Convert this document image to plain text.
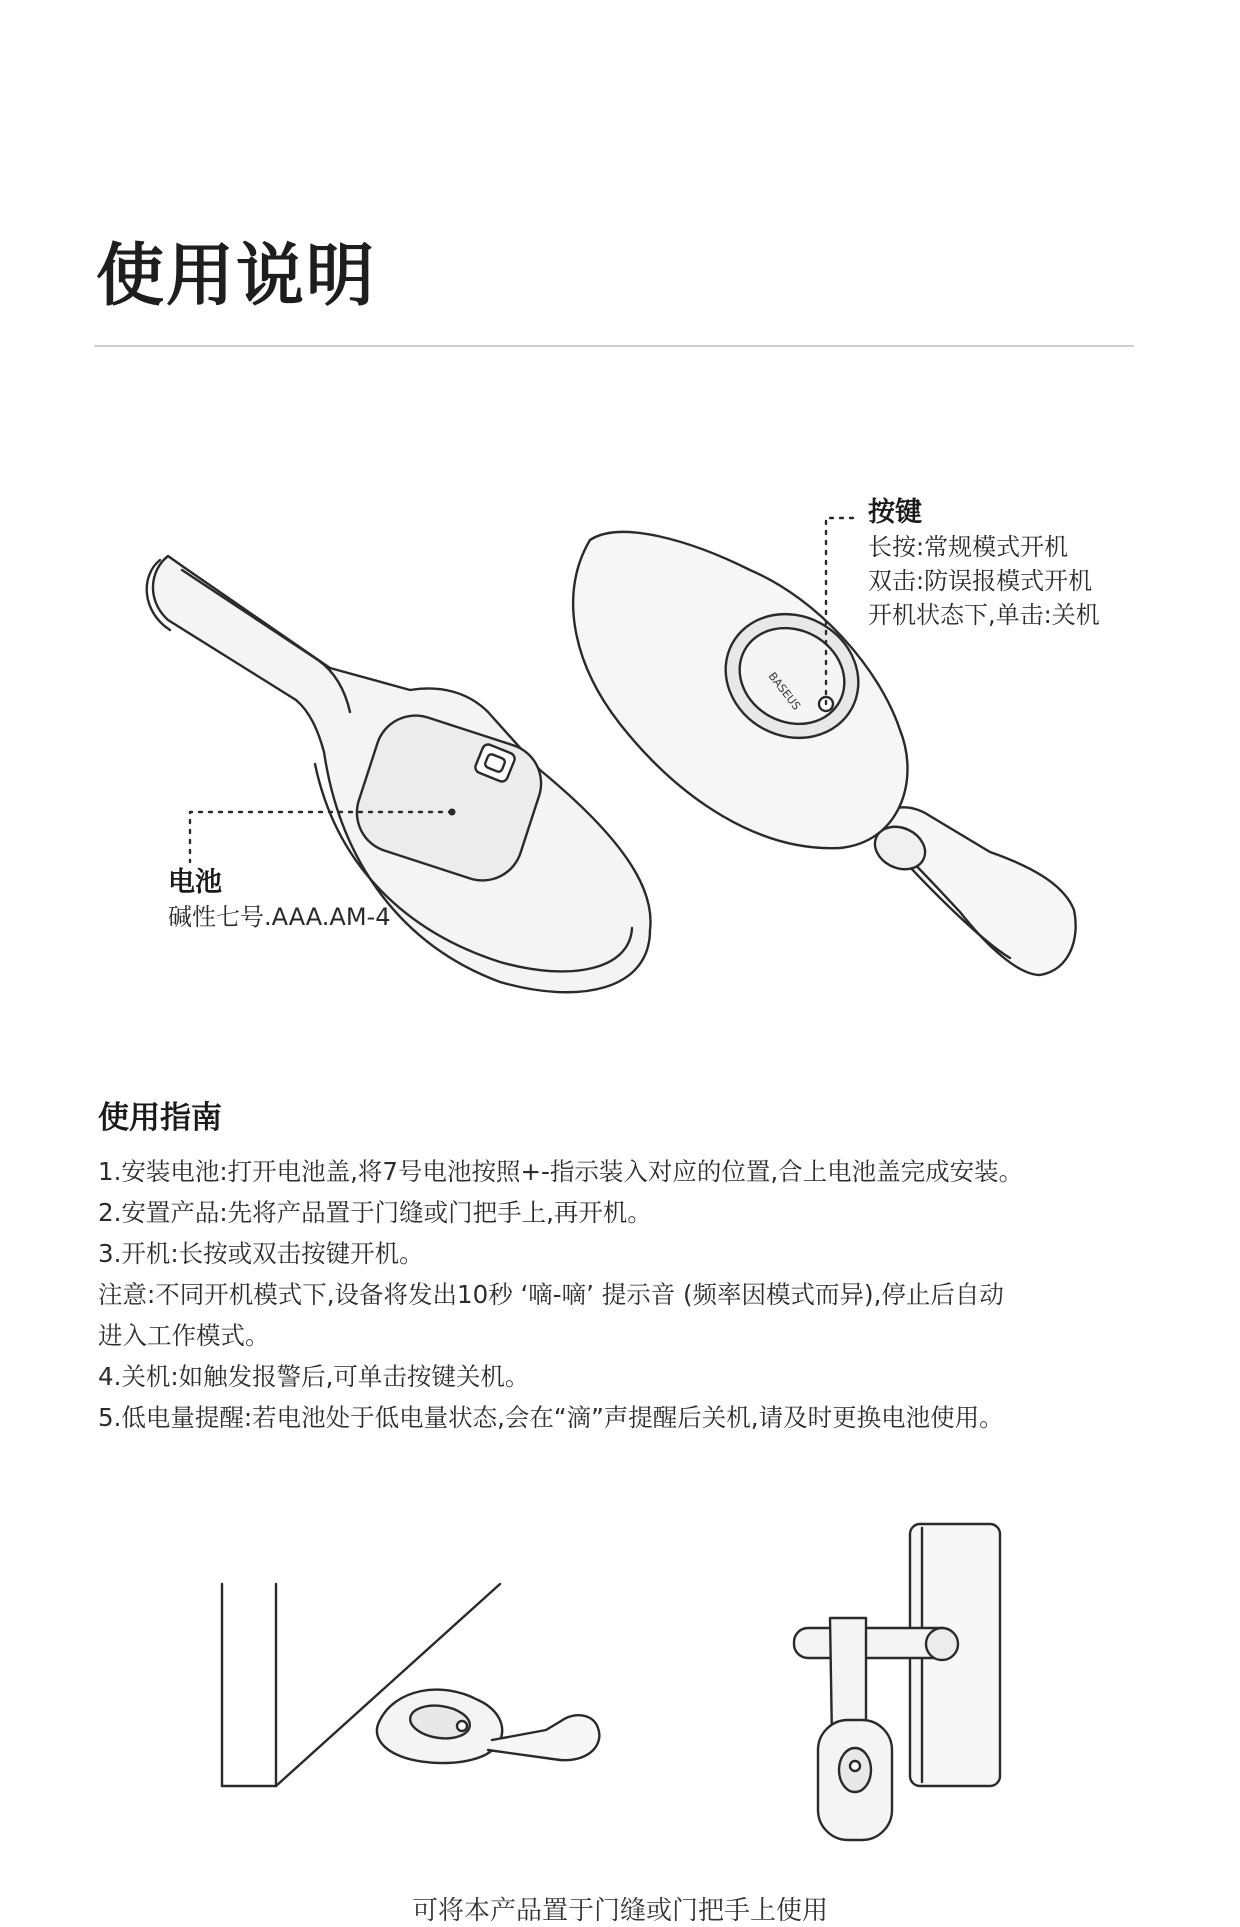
使用说明
BASEUS
电池
碱性七号.AAA.AM-4
按键
长按:常规模式开机
双击:防误报模式开机
开机状态下,单击:关机
使用指南

1.安装电池:打开电池盖,将7号电池按照+-指示装入对应的位置,合上电池盖完成安装。

2.安置产品:先将产品置于门缝或门把手上,再开机。

3.开机:长按或双击按键开机。

注意:不同开机模式下,设备将发出10秒 ‘嘀-嘀’ 提示音 (频率因模式而异),停止后自动

进入工作模式。

4.关机:如触发报警后,可单击按键关机。

5.低电量提醒:若电池处于低电量状态,会在“滴”声提醒后关机,请及时更换电池使用。

可将本产品置于门缝或门把手上使用
